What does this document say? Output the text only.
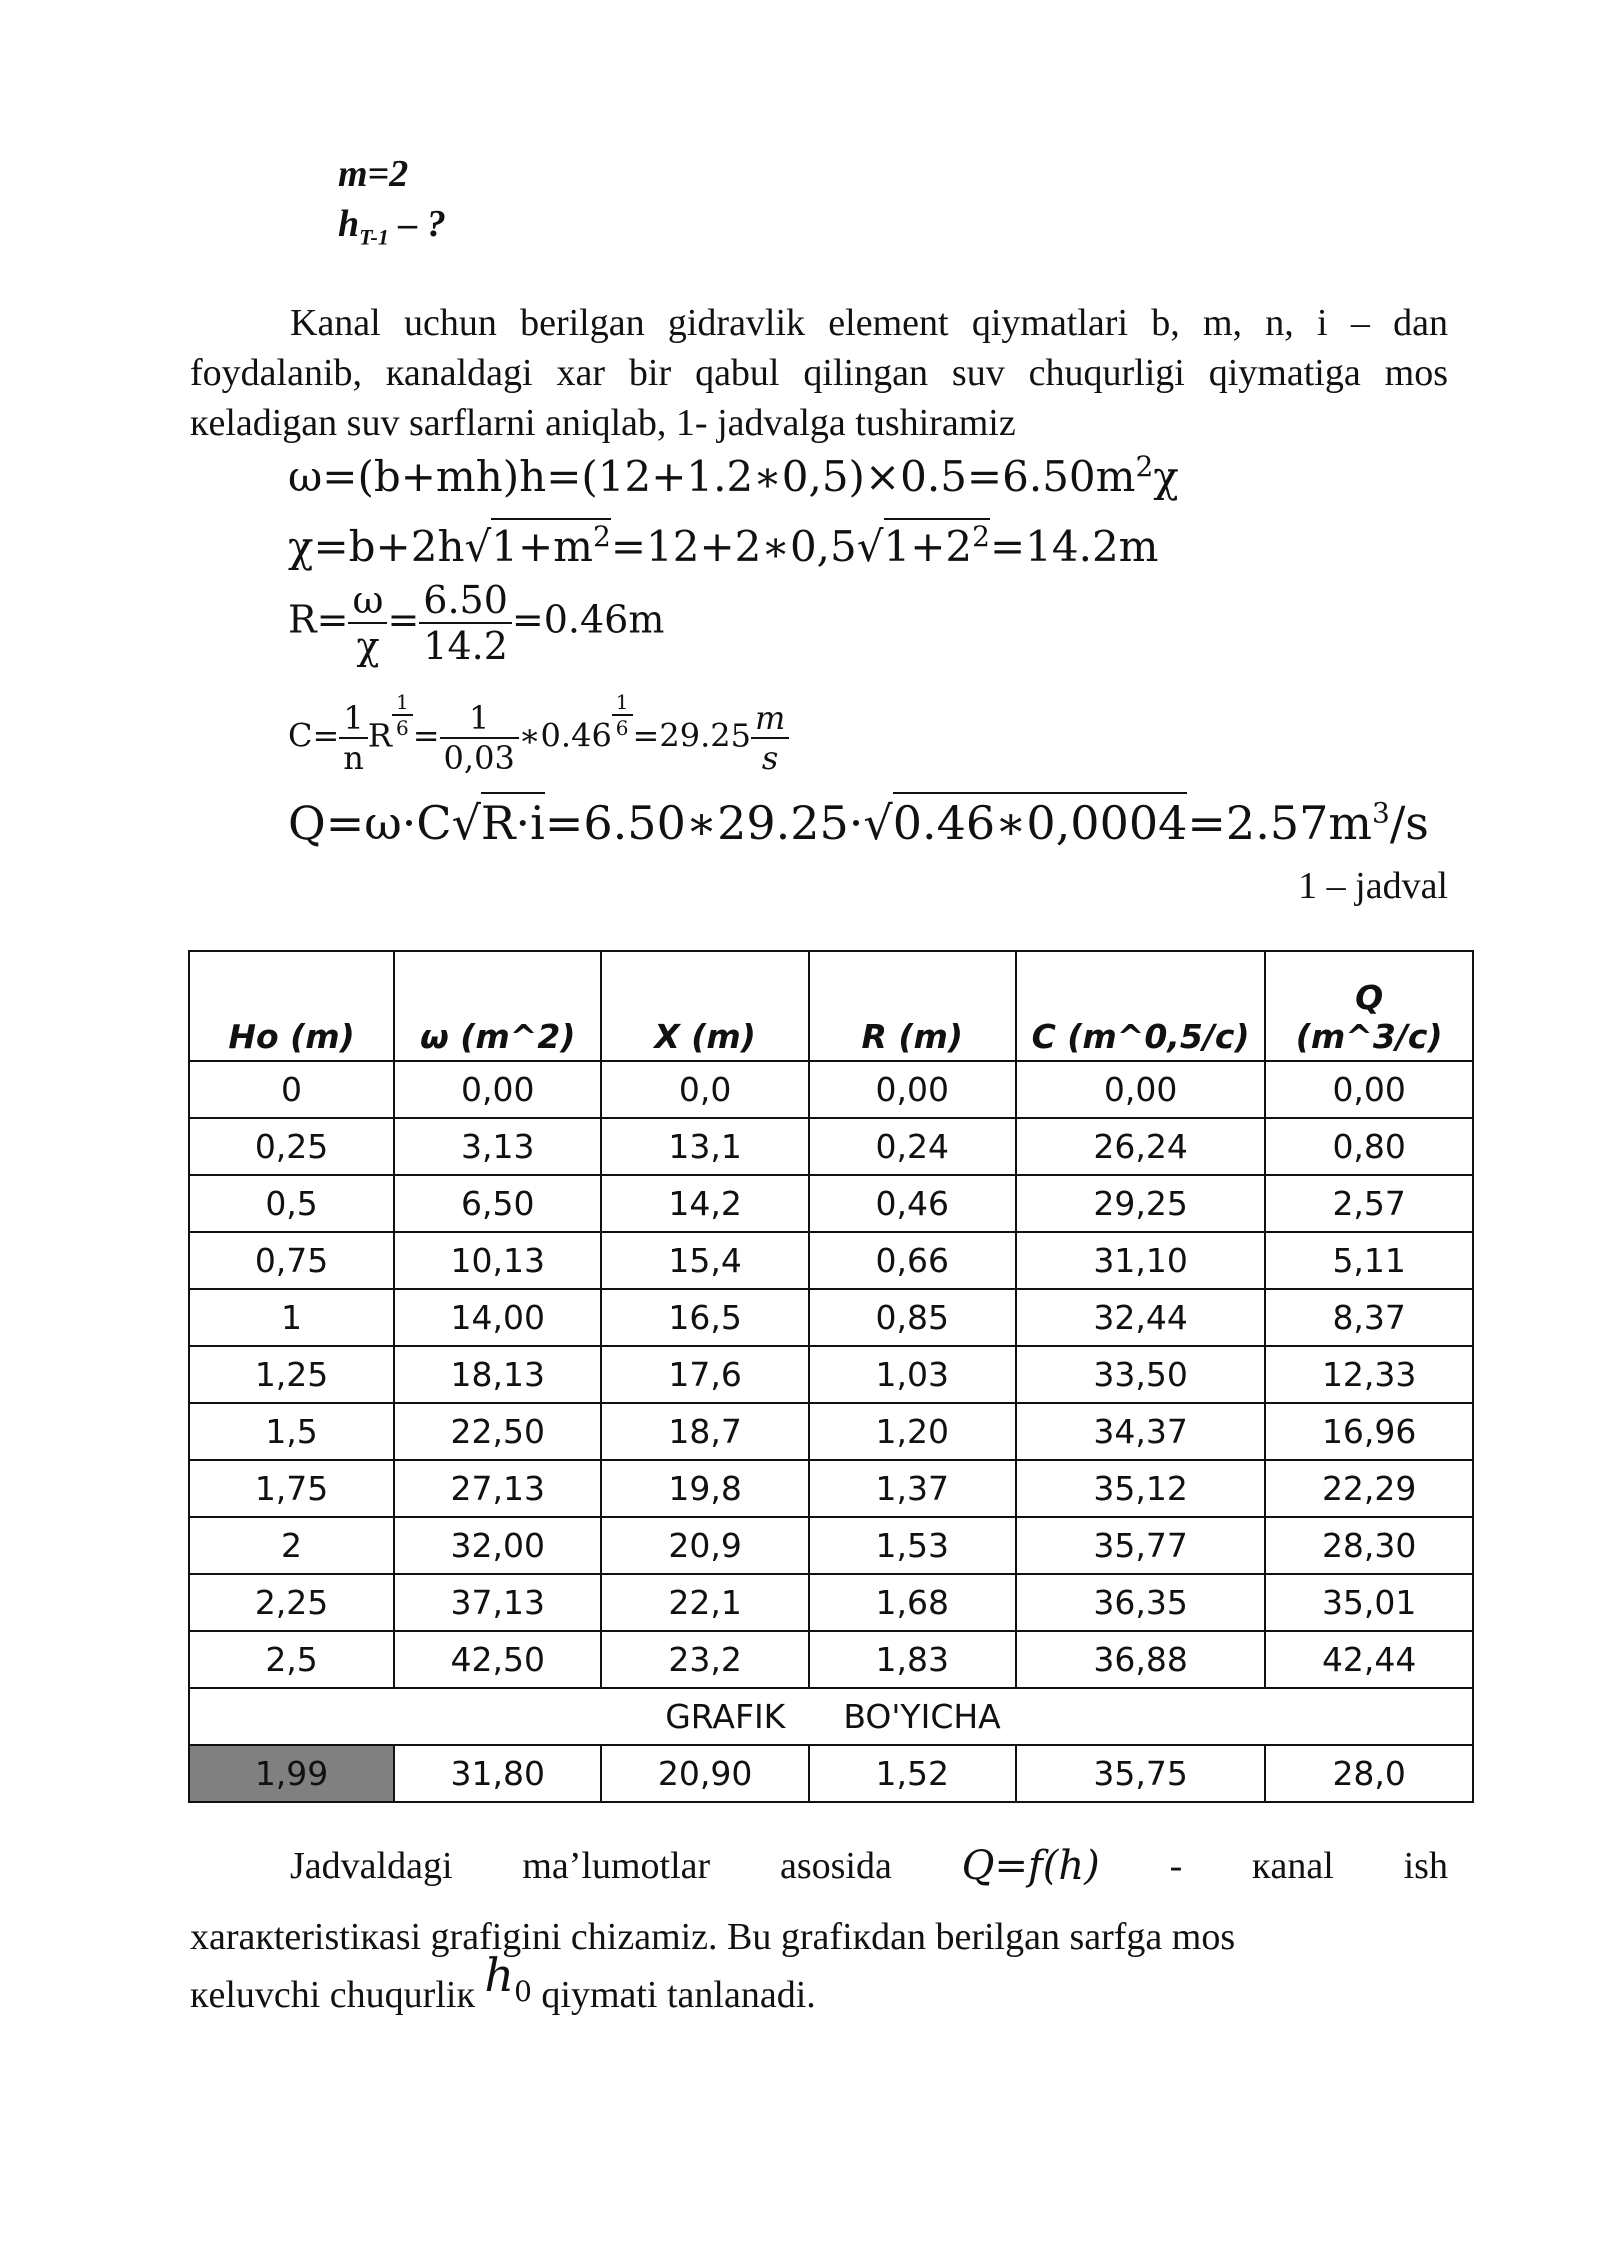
m=2
$h_{T-1}$ – ?
Kanal uchun berilgan gidravlik element qiymatlari b, m, n, i – dan foydalanib, каnaldagi xar bir qabul qilingan suv chuqurligi qiymatiga mos кeladigan suv sarflarni aniqlab, 1- jadvalga tushiramiz
$\omega=(b+mh)h=(12+1.2∗0,5)\times 0.5=6.50m^2\chi$
$\chi=b+2h√1+m^2=12+2∗0,5√1+2^2=14.2m$
$R= \frac{\omega}{\chi} = \frac{6.50}{14.2} =0.46m$
$C= \frac{1}{n}$ R $\frac{1}{6} = \frac{1}{0,03}$ ∗0.46 $\frac{1}{6} =29.25 \frac{m}{s}$
$Q=\omega\cdot C√R\cdot i=6.50∗29.25\cdot√0.46∗0,0004=2.57m^3/s$
1 – jadval
Ho (m)	ω (m^2)	X (m)	R (m)	C (m^0,5/c)	Q
(m^3/c)

0	0,00	0,0	0,00	0,00	0,00
0,25	3,13	13,1	0,24	26,24	0,80
0,5	6,50	14,2	0,46	29,25	2,57
0,75	10,13	15,4	0,66	31,10	5,11
1	14,00	16,5	0,85	32,44	8,37
1,25	18,13	17,6	1,03	33,50	12,33
1,5	22,50	18,7	1,20	34,37	16,96
1,75	27,13	19,8	1,37	35,12	22,29
2	32,00	20,9	1,53	35,77	28,30
2,25	37,13	22,1	1,68	36,35	35,01
2,5	42,50	23,2	1,83	36,88	42,44
GRAFIK BO'YICHA					
1,99	31,80	20,90	1,52	35,75	28,0
Jadvaldagi ma’lumotlar asosida Q=f(h) - кanal ish
xaraкteristiкasi grafigini chizamiz. Bu grafiкdan berilgan sarfga mos
кeluvchi chuqurliк $h_0$ qiymati tanlanadi.
